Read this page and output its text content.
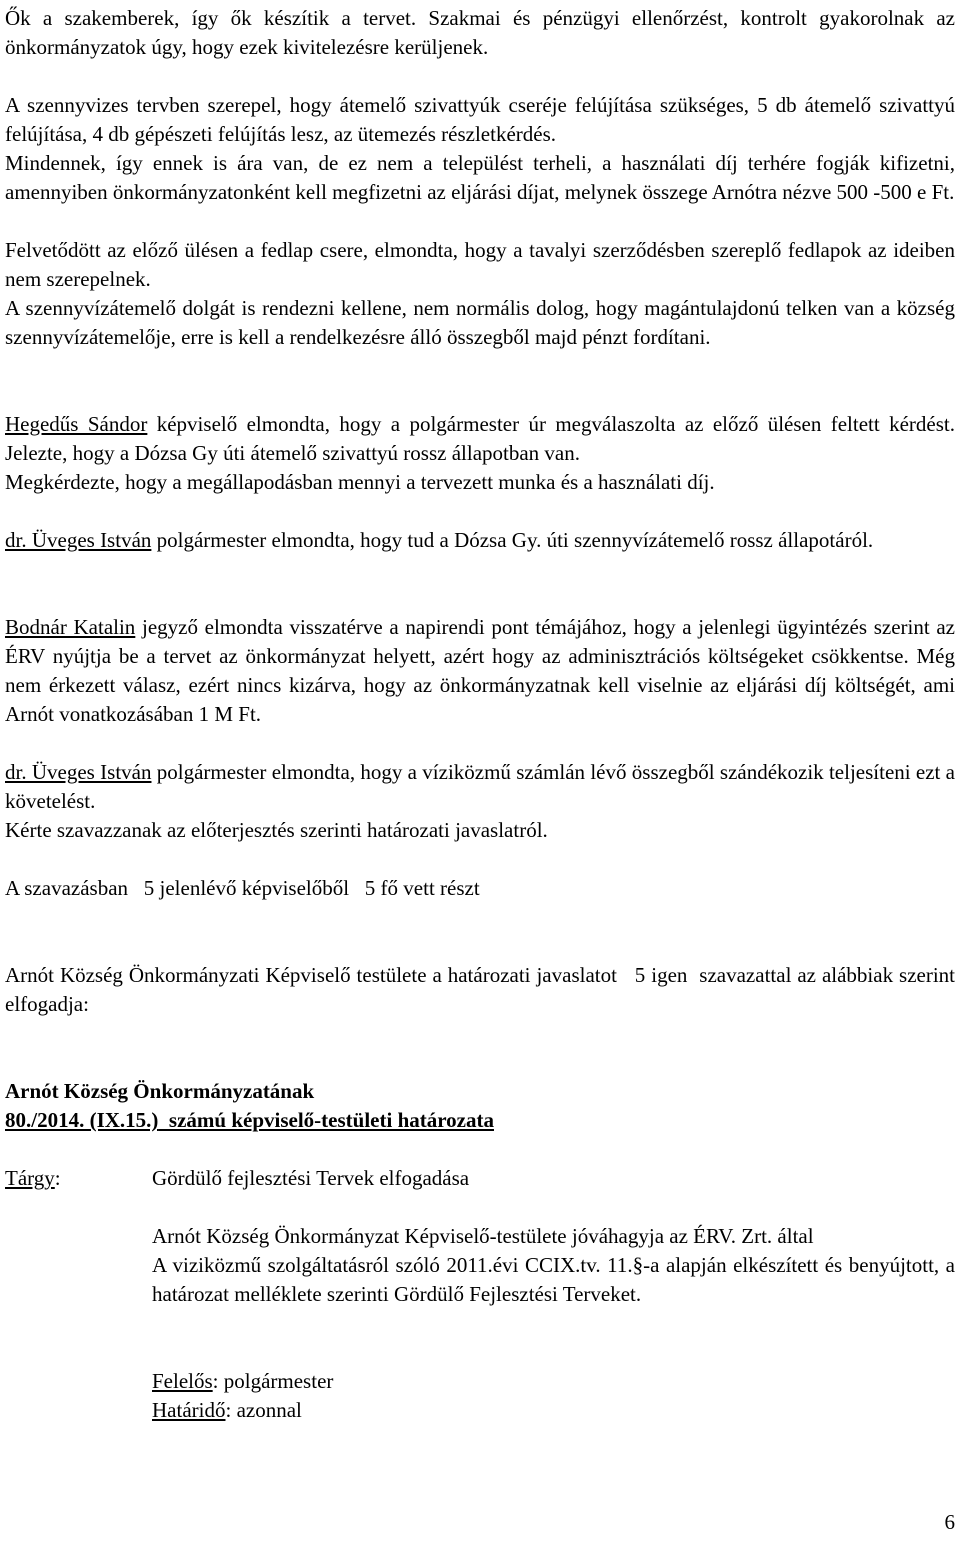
Ők a szakemberek, így ők készítik a tervet. Szakmai és pénzügyi ellenőrzést, kontrolt gyakorolnak az önkormányzatok úgy, hogy ezek kivitelezésre kerüljenek.

A szennyvizes tervben szerepel, hogy átemelő szivattyúk cseréje felújítása szükséges, 5 db átemelő szivattyú felújítása, 4 db gépészeti felújítás lesz, az ütemezés részletkérdés.

Mindennek, így ennek is ára van, de ez nem a települést terheli, a használati díj terhére fogják kifizetni, amennyiben önkormányzatonként kell megfizetni az eljárási díjat, melynek összege Arnótra nézve 500 -500 e Ft.

Felvetődött az előző ülésen a fedlap csere, elmondta, hogy a tavalyi szerződésben szereplő fedlapok az ideiben nem szerepelnek.

A szennyvízátemelő dolgát is rendezni kellene, nem normális dolog, hogy magántulajdonú telken van a község szennyvízátemelője, erre is kell a rendelkezésre álló összegből majd pénzt fordítani.

Hegedűs Sándor képviselő elmondta, hogy a polgármester úr megválaszolta az előző ülésen feltett kérdést. Jelezte, hogy a Dózsa Gy úti átemelő szivattyú rossz állapotban van.
Megkérdezte, hogy a megállapodásban mennyi a tervezett munka és a használati díj.

dr. Üveges István polgármester elmondta, hogy tud a Dózsa Gy. úti szennyvízátemelő rossz állapotáról.

Bodnár Katalin jegyző elmondta visszatérve a napirendi pont témájához, hogy a jelenlegi ügyintézés szerint az ÉRV nyújtja be a tervet az önkormányzat helyett, azért hogy az adminisztrációs költségeket csökkentse. Még nem érkezett válasz, ezért nincs kizárva, hogy az önkormányzatnak kell viselnie az eljárási díj költségét, ami Arnót vonatkozásában 1 M Ft.

dr. Üveges István polgármester elmondta, hogy a víziközmű számlán lévő összegből szándékozik teljesíteni ezt a követelést.
Kérte szavazzanak az előterjesztés szerinti határozati javaslatról.

A szavazásban   5 jelenlévő képviselőből   5 fő vett részt

Arnót Község Önkormányzati Képviselő testülete a határozati javaslatot   5 igen  szavazattal az alábbiak szerint elfogadja:

Arnót Község Önkormányzatának

80./2014. (IX.15.)  számú képviselő-testületi határozata

Tárgy:	Gördülő fejlesztési Tervek elfogadása
Arnót Község Önkormányzat Képviselő-testülete jóváhagyja az ÉRV. Zrt. által
A viziközmű szolgáltatásról szóló 2011.évi CCIX.tv. 11.§-a alapján elkészített és benyújtott, a határozat melléklete szerinti Gördülő Fejlesztési Terveket.
Felelős: polgármester
Határidő: azonnal
6
